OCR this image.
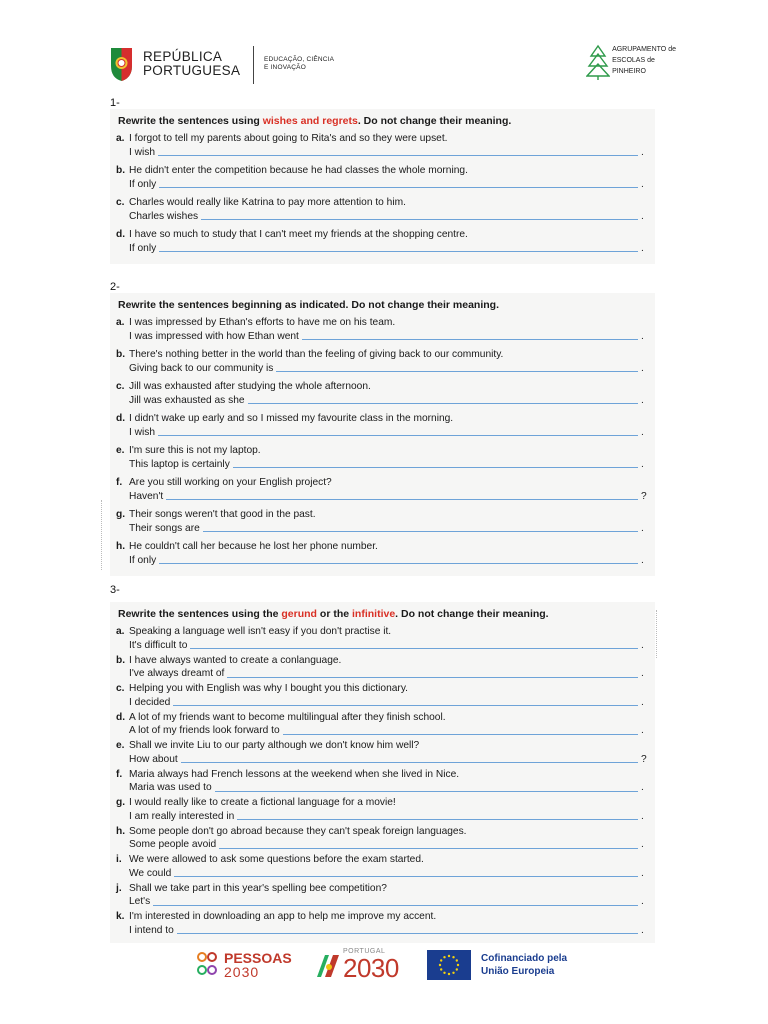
REPÚBLICA
PORTUGUESA
EDUCAÇÃO, CIÊNCIA
E INOVAÇÃO
AGRUPAMENTO de
ESCOLAS de
PINHEIRO
1-
Rewrite the sentences using wishes and regrets. Do not change their meaning.
a. I forgot to tell my parents about going to Rita's and so they were upset.
I wish	.
b. He didn't enter the competition because he had classes the whole morning.
If only	.
c. Charles would really like Katrina to pay more attention to him.
Charles wishes	.
d. I have so much to study that I can't meet my friends at the shopping centre.
If only	.
2-
Rewrite the sentences beginning as indicated. Do not change their meaning.
a. I was impressed by Ethan's efforts to have me on his team.
I was impressed with how Ethan went	.
b. There's nothing better in the world than the feeling of giving back to our community.
Giving back to our community is	.
c. Jill was exhausted after studying the whole afternoon.
Jill was exhausted as she	.
d. I didn't wake up early and so I missed my favourite class in the morning.
I wish	.
e. I'm sure this is not my laptop.
This laptop is certainly	.
f. Are you still working on your English project?
Haven't	?
g. Their songs weren't that good in the past.
Their songs are	.
h. He couldn't call her because he lost her phone number.
If only	.
3-
Rewrite the sentences using the gerund or the infinitive. Do not change their meaning.
a. Speaking a language well isn't easy if you don't practise it.
It's difficult to	.
b. I have always wanted to create a conlanguage.
I've always dreamt of	.
c. Helping you with English was why I bought you this dictionary.
I decided	.
d. A lot of my friends want to become multilingual after they finish school.
A lot of my friends look forward to	.
e. Shall we invite Liu to our party although we don't know him well?
How about	?
f. Maria always had French lessons at the weekend when she lived in Nice.
Maria was used to	.
g. I would really like to create a fictional language for a movie!
I am really interested in	.
h. Some people don't go abroad because they can't speak foreign languages.
Some people avoid	.
i. We were allowed to ask some questions before the exam started.
We could	.
j. Shall we take part in this year's spelling bee competition?
Let's	.
k. I'm interested in downloading an app to help me improve my accent.
I intend to	.
PESSOAS
2030
PORTUGAL
2030	Cofinanciado pela
União Europeia
